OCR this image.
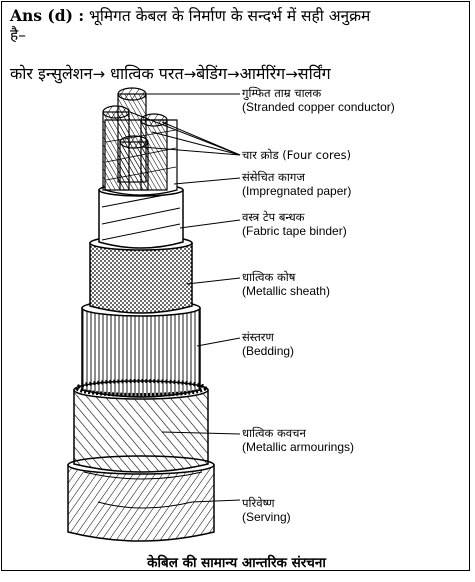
Ans (d) : भूमिगत केबल के निर्माण के सन्दर्भ में सही अनुक्रम
है–
कोर इन्सुलेशन→ धात्विक परत→बेडिंग→आर्मरिंग→सर्विंग
गुम्फित ताम्र चालक
(Stranded copper conductor)
चार क्रोड (Four cores)
संसेचित कागज
(Impregnated paper)
वस्त्र टेप बन्धक
(Fabric tape binder)
धात्विक कोष
(Metallic sheath)
संस्तरण
(Bedding)
धात्विक कवचन
(Metallic armourings)
परिवेष्ण
(Serving)
केबिल की सामान्य आन्तरिक संरचना
